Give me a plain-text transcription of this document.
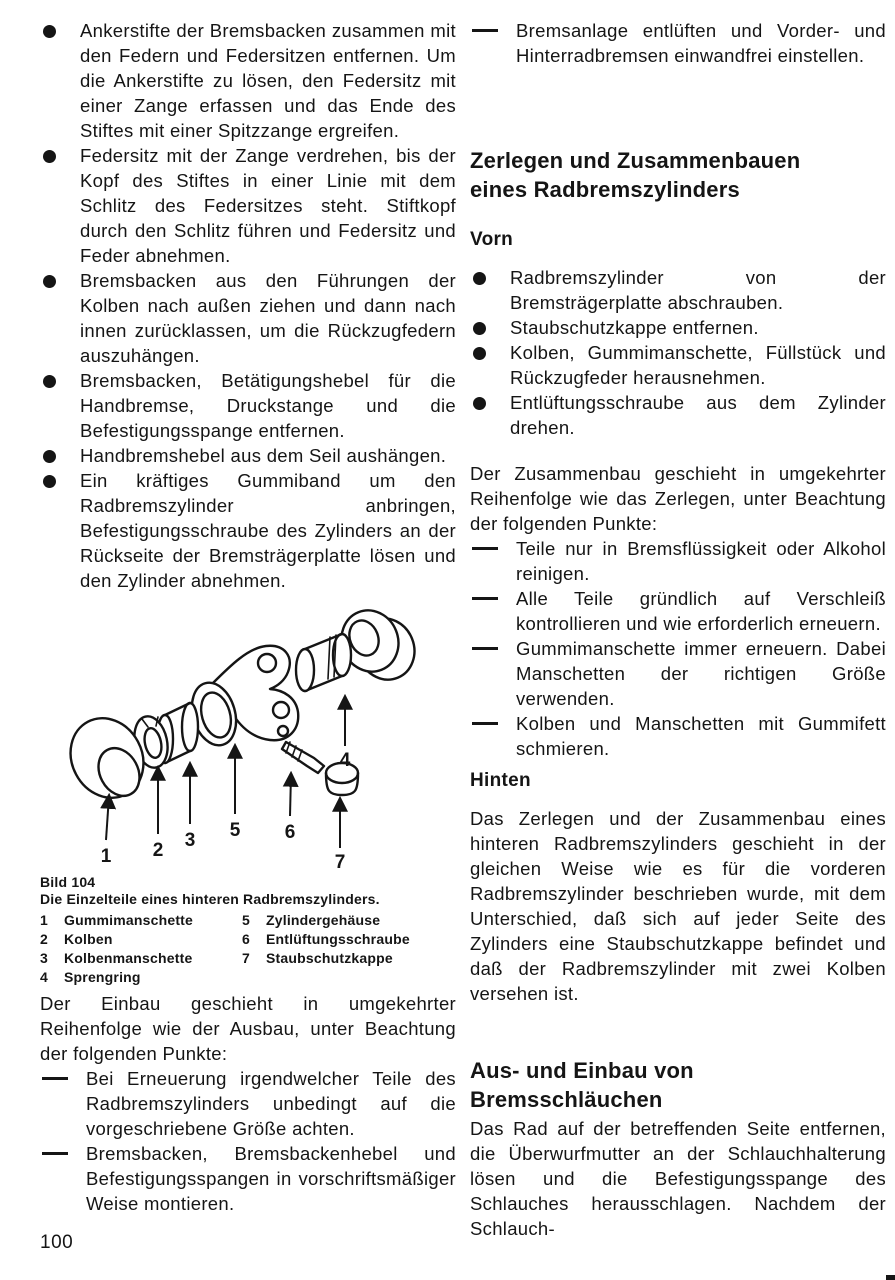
Ankerstifte der Bremsbacken zusammen mit den Federn und Federsitzen entfernen. Um die Ankerstifte zu lösen, den Federsitz mit einer Zange erfassen und das Ende des Stiftes mit einer Spitzzange ergreifen.
Federsitz mit der Zange verdrehen, bis der Kopf des Stiftes in einer Linie mit dem Schlitz des Federsitzes steht. Stiftkopf durch den Schlitz führen und Federsitz und Feder abnehmen.
Bremsbacken aus den Führungen der Kolben nach außen ziehen und dann nach innen zurücklassen, um die Rückzugfedern auszuhängen.
Bremsbacken, Betätigungshebel für die Handbremse, Druckstange und die Befestigungsspange entfernen.
Handbremshebel aus dem Seil aushängen.
Ein kräftiges Gummiband um den Radbremszylinder anbringen, Befestigungsschraube des Zylinders an der Rückseite der Bremsträgerplatte lösen und den Zylinder abnehmen.
1 2 3 5 6
4
7
Bild 104
Die Einzelteile eines hinteren Radbremszylinders.
1	Gummimanschette	5	Zylindergehäuse
2	Kolben	6	Entlüftungsschraube
3	Kolbenmanschette	7	Staubschutzkappe
4	Sprengring
Der Einbau geschieht in umgekehrter Reihenfolge wie der Ausbau, unter Beachtung der folgenden Punkte:
Bei Erneuerung irgendwelcher Teile des Radbremszylinders unbedingt auf die vorgeschriebene Größe achten.
Bremsbacken, Bremsbackenhebel und Befestigungsspangen in vorschriftsmäßiger Weise montieren.
Bremsanlage entlüften und Vorder- und Hinterradbremsen einwandfrei einstellen.
Zerlegen und Zusammenbauen
eines Radbremszylinders
Vorn
Radbremszylinder von der Bremsträgerplatte abschrauben.
Staubschutzkappe entfernen.
Kolben, Gummimanschette, Füllstück und Rückzugfeder herausnehmen.
Entlüftungsschraube aus dem Zylinder drehen.
Der Zusammenbau geschieht in umgekehrter Reihenfolge wie das Zerlegen, unter Beachtung der folgenden Punkte:
Teile nur in Bremsflüssigkeit oder Alkohol reinigen.
Alle Teile gründlich auf Verschleiß kontrollieren und wie erforderlich erneuern.
Gummimanschette immer erneuern. Dabei Manschetten der richtigen Größe verwenden.
Kolben und Manschetten mit Gummifett schmieren.
Hinten
Das Zerlegen und der Zusammenbau eines hinteren Radbremszylinders geschieht in der gleichen Weise wie es für die vorderen Radbremszylinder beschrieben wurde, mit dem Unterschied, daß sich auf jeder Seite des Zylinders eine Staubschutzkappe befindet und daß der Radbremszylinder mit zwei Kolben versehen ist.
Aus- und Einbau von Bremsschläuchen
Das Rad auf der betreffenden Seite entfernen, die Überwurfmutter an der Schlauchhalterung lösen und die Befestigungsspange des Schlauches herausschlagen. Nachdem der Schlauch-
100
